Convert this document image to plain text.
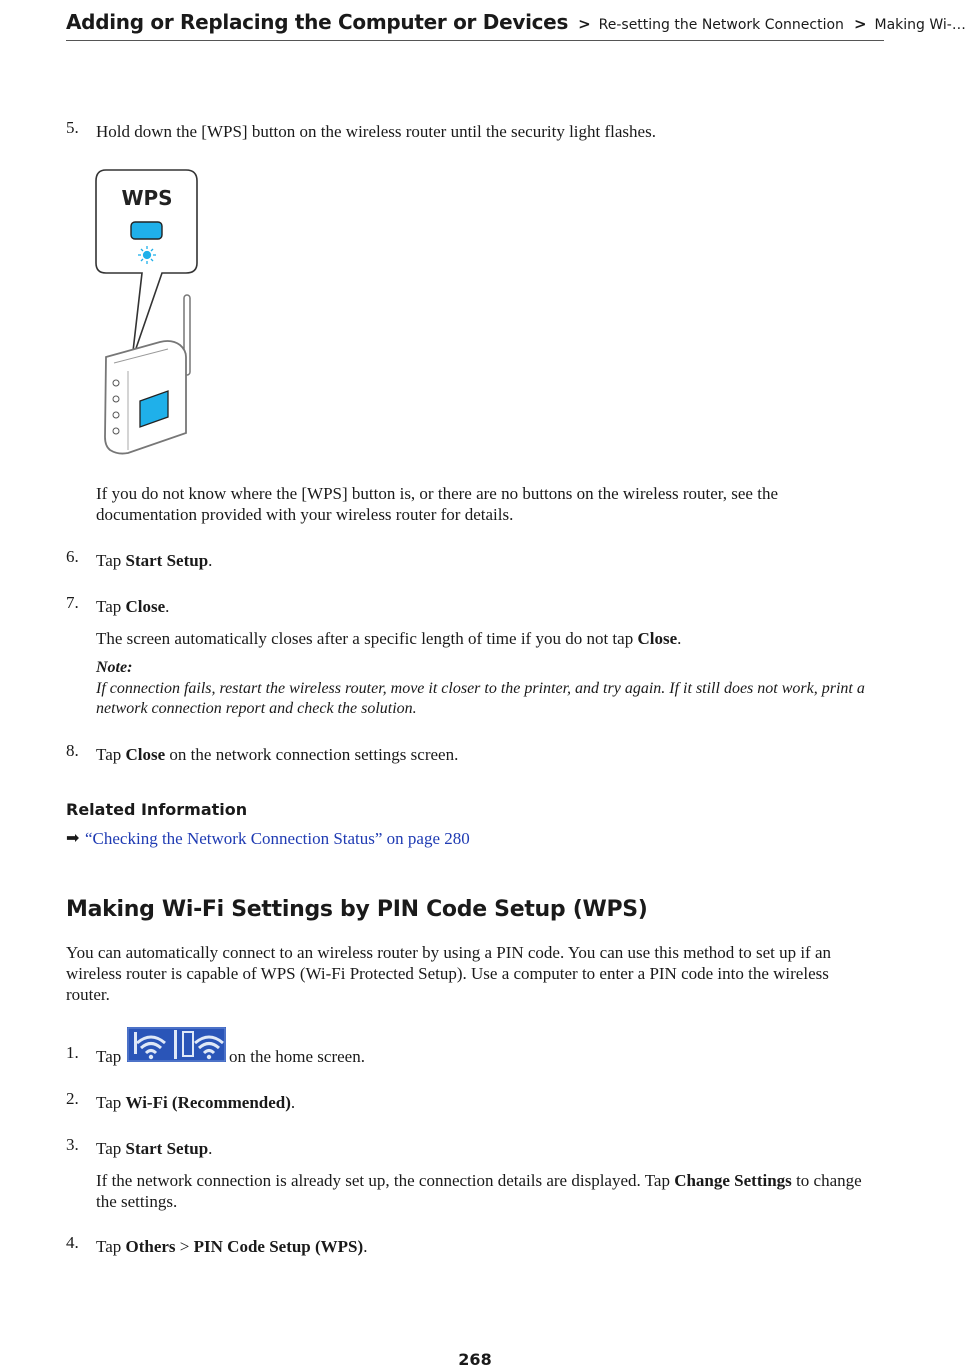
Adding or Replacing the Computer or Devices > Re-setting the Network Connection > Making Wi-…
5. Hold down the [WPS] button on the wireless router until the security light flashes.
WPS
If you do not know where the [WPS] button is, or there are no buttons on the wireless router, see the documentation provided with your wireless router for details.
6. Tap Start Setup.
7. Tap Close.
The screen automatically closes after a specific length of time if you do not tap Close.
Note:
If connection fails, restart the wireless router, move it closer to the printer, and try again. If it still does not work, print a network connection report and check the solution.
8. Tap Close on the network connection settings screen.
Related Information
➡ “Checking the Network Connection Status” on page 280
Making Wi-Fi Settings by PIN Code Setup (WPS)
You can automatically connect to an wireless router by using a PIN code. You can use this method to set up if an wireless router is capable of WPS (Wi-Fi Protected Setup). Use a computer to enter a PIN code into the wireless router.
1. Tap	on the home screen.
2. Tap Wi-Fi (Recommended).
3. Tap Start Setup.
If the network connection is already set up, the connection details are displayed. Tap Change Settings to change the settings.
4. Tap Others > PIN Code Setup (WPS).
268
